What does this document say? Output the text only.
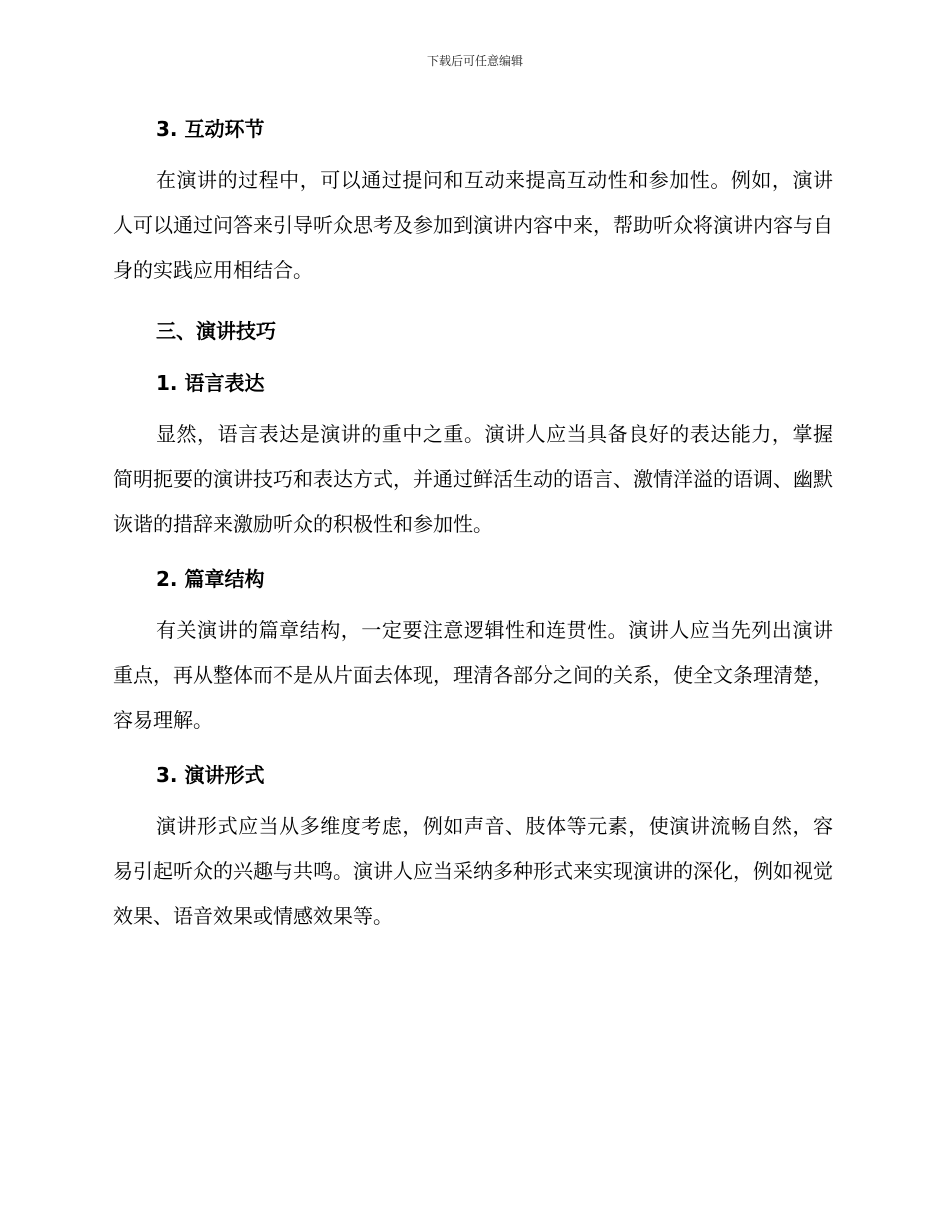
下载后可任意编辑
3. 互动环节
在演讲的过程中，可以通过提问和互动来提高互动性和参加性。例如，演讲人可以通过问答来引导听众思考及参加到演讲内容中来，帮助听众将演讲内容与自身的实践应用相结合。
三、演讲技巧
1. 语言表达
显然，语言表达是演讲的重中之重。演讲人应当具备良好的表达能力，掌握简明扼要的演讲技巧和表达方式，并通过鲜活生动的语言、激情洋溢的语调、幽默诙谐的措辞来激励听众的积极性和参加性。
2. 篇章结构
有关演讲的篇章结构，一定要注意逻辑性和连贯性。演讲人应当先列出演讲重点，再从整体而不是从片面去体现，理清各部分之间的关系，使全文条理清楚，容易理解。
3. 演讲形式
演讲形式应当从多维度考虑，例如声音、肢体等元素，使演讲流畅自然，容易引起听众的兴趣与共鸣。演讲人应当采纳多种形式来实现演讲的深化，例如视觉效果、语音效果或情感效果等。
